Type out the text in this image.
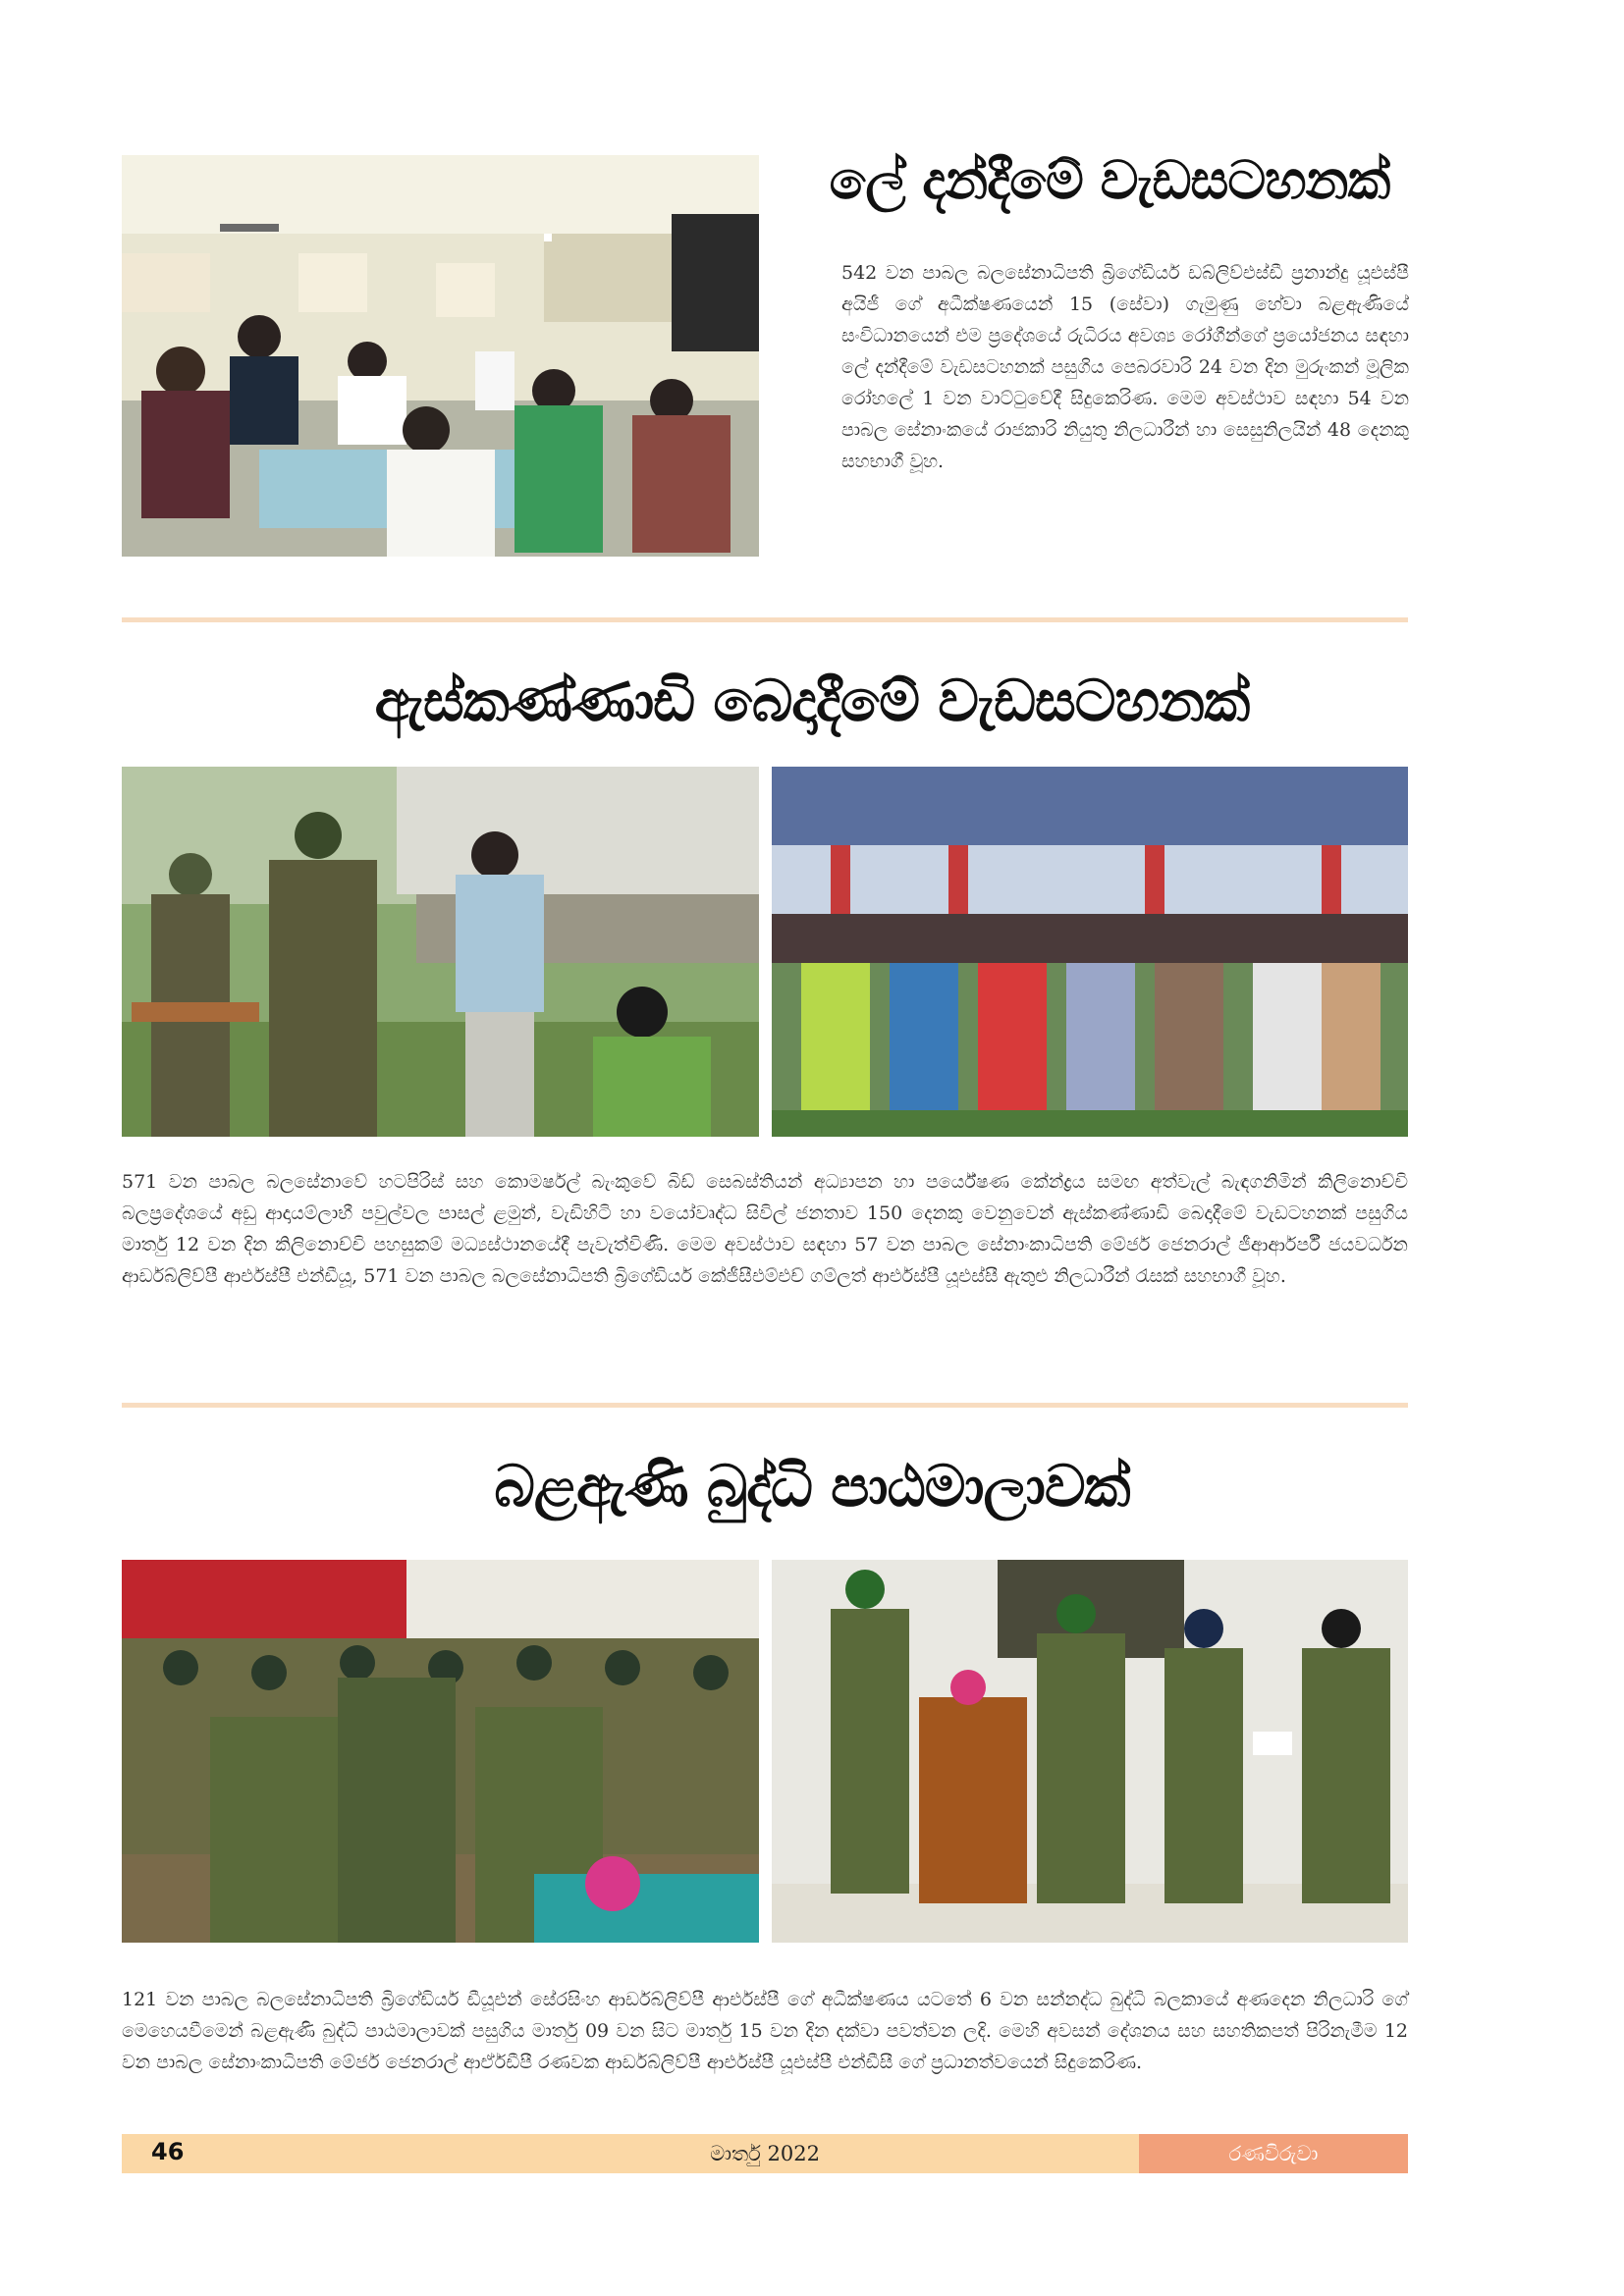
ලේ දන්දීමේ වැඩසටහනක්

542 වන පාබල බලසේනාධිපති බ්‍රිගේඩියර් ඩබ්ලිව්එස්ඩී ප්‍රනාන්දු යූඑස්පී අයිජී ගේ අධීක්ෂණයෙන් 15 (සේවා) ගැමුණු හේවා බළඇණියේ සංවිධානයෙන් එම ප්‍රදේශයේ රුධිරය අවශ්‍ය රෝගීන්ගේ ප්‍රයෝජනය සඳහා ලේ දන්දීමේ වැඩසටහනක් පසුගිය පෙබරවාරි 24 වන දින මුරුංකන් මූලික රෝහලේ 1 වන වාට්ටුවේදී සිදුකෙරිණ. මෙම අවස්ථාව සඳහා 54 වන පාබල සේනාංකයේ රාජකාරි නියුතු නිලධාරීන් හා සෙසුනිලයින් 48 දෙනකු සහභාගී වූහ.

ඇස්කණ්ණාඩි බෙදාදීමේ වැඩසටහනක්

571 වන පාබල බලසේනාවේ හටපිරිස් සහ කොමර්ෂල් බැංකුවේ බිඩ් සෙබස්තියන් අධ්‍යාපන හා පර්යේෂණ කේන්ද්‍රය සමඟ අත්වැල් බැඳගනිමින් කිලිනොච්චි බලප්‍රදේශයේ අඩු ආදායම්ලාභී පවුල්වල පාසල් ළමුන්, වැඩිහිටි හා වයෝවෘද්ධ සිවිල් ජනතාව 150 දෙනකු වෙනුවෙන් ඇස්කණ්ණාඩි බෙදාදීමේ වැඩටහනක් පසුගිය මාර්තු 12 වන දින කිලිනොච්චි පහසුකම් මධ්‍යස්ථානයේදී පැවැත්විණි. මෙම අවස්ථාව සඳහා 57 වන පාබල සේනාංකාධිපති මේජර් ජෙනරාල් ජීආර්ආර්පී ජයවර්ධන ආර්ඩබ්ලිව්පී ආර්එස්පී එන්ඩීයූ, 571 වන පාබල බලසේනාධිපති බ්‍රිගේඩියර් කේජීසීඑම්එච් ගම්ලත් ආර්එස්පී යූඑස්සී ඇතුළු නිලධාරීන් රැසක් සහභාගී වූහ.

බළඇණි බුද්ධි පාඨමාලාවක්

121 වන පාබල බලසේනාධිපති බ්‍රිගේඩියර් ඩීයූඑන් සේරසිංහ ආර්ඩබ්ලිව්පී ආර්එස්පී ගේ අධීක්ෂණය යටතේ 6 වන සන්නද්ධ බුද්ධි බලකායේ අණදෙන නිලධාරි ගේ මෙහෙයවීමෙන් බළඇණි බුද්ධි පාඨමාලාවක් පසුගිය මාර්තු 09 වන සිට මාර්තු 15 වන දින දක්වා පවත්වන ලදි. මෙහි අවසන් දේශනය සහ සහතිකපත් පිරිනැමීම 12 වන පාබල සේනාංකාධිපති මේජර් ජෙනරාල් ආර්ඒඩීපී රණවක ආර්ඩබ්ලිව්පී ආර්එස්පී යූඑස්පී එන්ඩීසී ගේ ප්‍රධානත්වයෙන් සිදුකෙරිණ.

46	මාර්තු 2022	රණවිරුවා
